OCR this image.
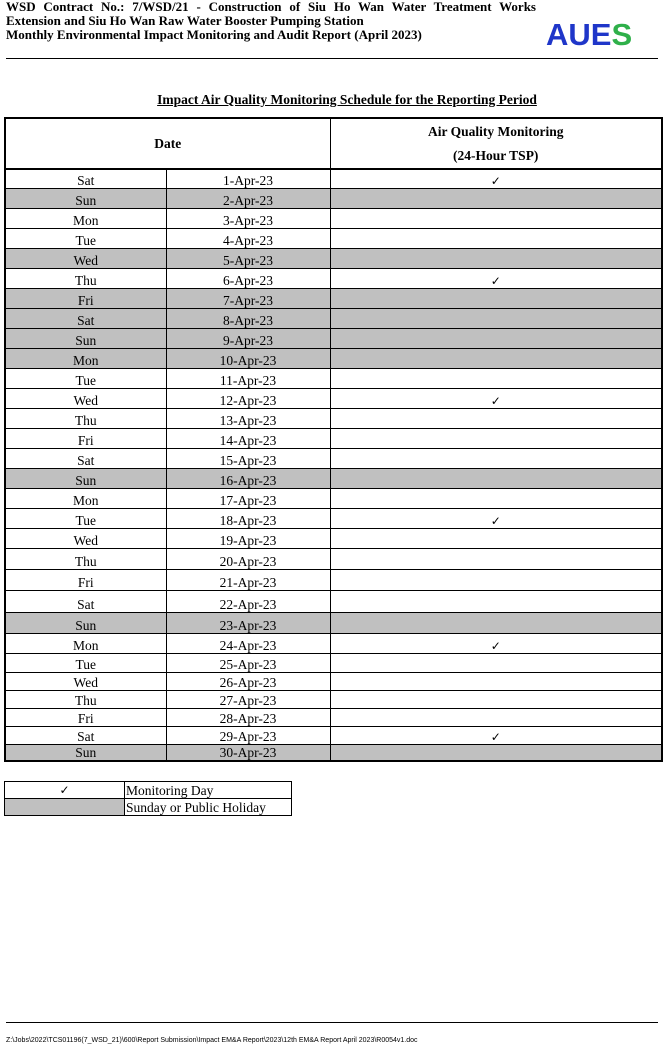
WSD Contract No.: 7/WSD/21 - Construction of Siu Ho Wan Water Treatment Works
Extension and Siu Ho Wan Raw Water Booster Pumping Station
Monthly Environmental Impact Monitoring and Audit Report (April 2023)	AUES
Impact Air Quality Monitoring Schedule for the Reporting Period
Date		Air Quality Monitoring
(24-Hour TSP)

Sat	1-Apr-23	✓
Sun	2-Apr-23	
Mon	3-Apr-23	
Tue	4-Apr-23	
Wed	5-Apr-23	
Thu	6-Apr-23	✓
Fri	7-Apr-23	
Sat	8-Apr-23	
Sun	9-Apr-23	
Mon	10-Apr-23	
Tue	11-Apr-23	
Wed	12-Apr-23	✓
Thu	13-Apr-23	
Fri	14-Apr-23	
Sat	15-Apr-23	
Sun	16-Apr-23	
Mon	17-Apr-23	
Tue	18-Apr-23	✓
Wed	19-Apr-23	
Thu	20-Apr-23	
Fri	21-Apr-23	
Sat	22-Apr-23	
Sun	23-Apr-23	
Mon	24-Apr-23	✓
Tue	25-Apr-23	
Wed	26-Apr-23	
Thu	27-Apr-23	
Fri	28-Apr-23	
Sat	29-Apr-23	✓
Sun	30-Apr-23	
✓	Monitoring Day
	Sunday or Public Holiday
Z:\Jobs\2022\TCS01196(7_WSD_21)\600\Report Submission\Impact EM&A Report\2023\12th EM&A Report April 2023\R0054v1.doc
